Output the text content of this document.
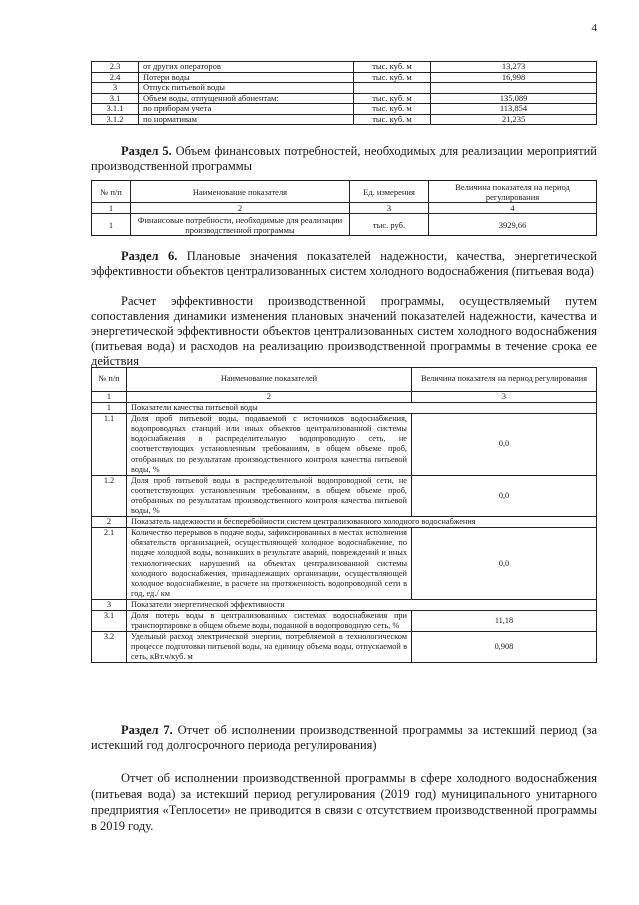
4
2.3	от других операторов	тыс. куб. м	13,273
2.4	Потери воды	тыс. куб. м	16,998
3	Отпуск питьевой воды		
3.1	Объем воды, отпущенной абонентам:	тыс. куб. м	135,089
3.1.1	по приборам учета	тыс. куб. м	113,854
3.1.2	по нормативам	тыс. куб. м	21,235
Раздел 5. Объем финансовых потребностей, необходимых для реализации мероприятий производственной программы
№ п/п	Наименование показателя	Ед. измерения	Величина показателя на период регулирования
1	2	3	4
1	Финансовые потребности, необходимые для реализации производственной программы	тыс. руб.	3929,66
Раздел 6. Плановые значения показателей надежности, качества, энергетической эффективности объектов централизованных систем холодного водоснабжения (питьевая вода)
Расчет эффективности производственной программы, осуществляемый путем сопоставления динамики изменения плановых значений показателей надежности, качества и энергетической эффективности объектов централизованных систем холодного водоснабжения (питьевая вода) и расходов на реализацию производственной программы в течение срока ее действия
№ п/п	Наименование показателей	Величина показателя на период регулирования
1	2	3
1	Показатели качества питьевой воды	
1.1	Доля проб питьевой воды, подаваемой с источников водоснабжения, водопроводных станций или иных объектов централизованной системы водоснабжения в распределительную водопроводную сеть, не соответствующих установленным требованиям, в общем объеме проб, отобранных по результатам производственного контроля качества питьевой воды, %	0,0
1.2	Доля проб питьевой воды в распределительной водопроводной сети, не соответствующих установленным требованиям, в общем объеме проб, отобранных по результатам производственного контроля качества питьевой воды, %	0,0
2	Показатель надежности и бесперебойности систем централизованного холодного водоснабжения	
2.1	Количество перерывов в подаче воды, зафиксированных в местах исполнения обязательств организацией, осуществляющей холодное водоснабжение, по подаче холодной воды, возникших в результате аварий, повреждений и иных технологических нарушений на объектах централизованной системы холодного водоснабжения, принадлежащих организации, осуществляющей холодное водоснабжение, в расчете на протяженность водопроводной сети в год, ед./ км	0,0
3	Показатели энергетической эффективности	
3.1	Доля потерь воды в централизованных системах водоснабжения при транспортировке в общем объеме воды, поданной в водопроводную сеть, %	11,18
3.2	Удельный расход электрической энергии, потребляемой в технологическом процессе подготовки питьевой воды, на единицу объема воды, отпускаемой в сеть, кВт.ч/куб. м	0,908
Раздел 7. Отчет об исполнении производственной программы за истекший период (за истекший год долгосрочного периода регулирования)
Отчет об исполнении производственной программы в сфере холодного водоснабжения (питьевая вода) за истекший период регулирования (2019 год) муниципального унитарного предприятия «Теплосети» не приводится в связи с отсутствием производственной программы в 2019 году.
